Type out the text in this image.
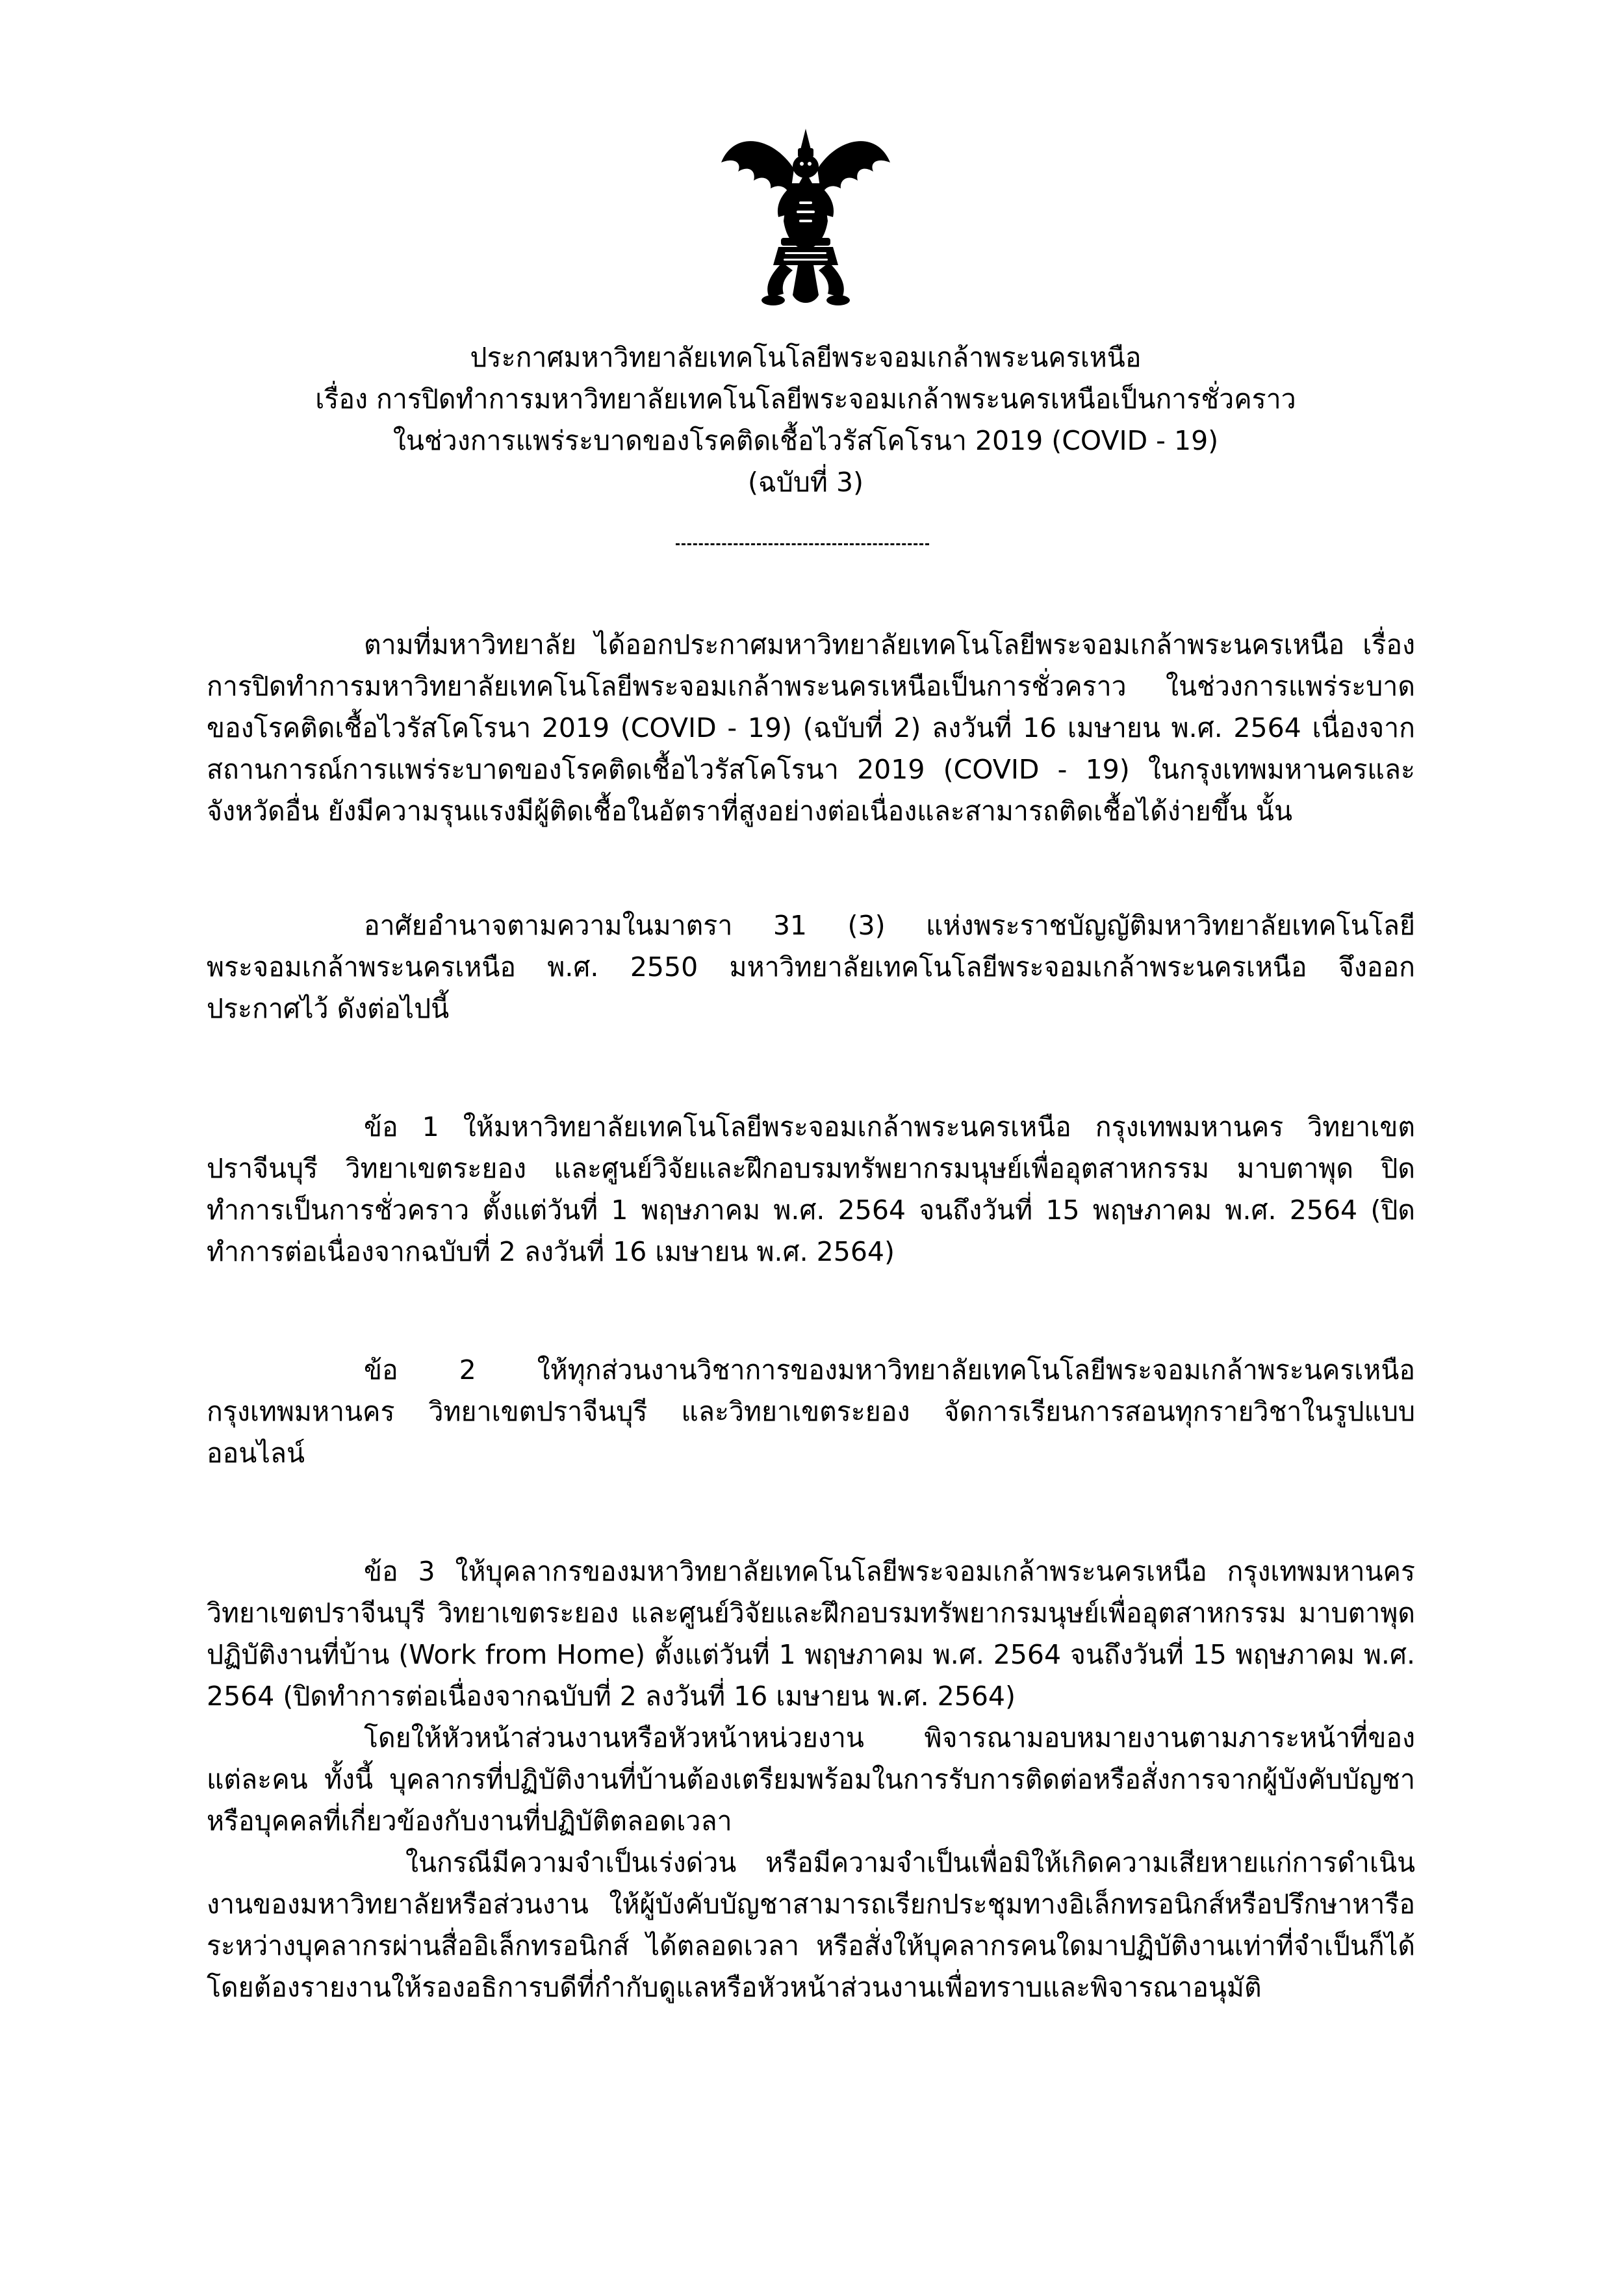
ประกาศมหาวิทยาลัยเทคโนโลยีพระจอมเกล้าพระนครเหนือ
เรื่อง การปิดทำการมหาวิทยาลัยเทคโนโลยีพระจอมเกล้าพระนครเหนือเป็นการชั่วคราว
ในช่วงการแพร่ระบาดของโรคติดเชื้อไวรัสโคโรนา 2019 (COVID - 19)
(ฉบับที่ 3)

ตามที่มหาวิทยาลัย ได้ออกประกาศมหาวิทยาลัยเทคโนโลยีพระจอมเกล้าพระนครเหนือ เรื่อง การปิดทำการมหาวิทยาลัยเทคโนโลยีพระจอมเกล้าพระนครเหนือเป็นการชั่วคราว ในช่วงการแพร่ระบาดของโรคติดเชื้อไวรัสโคโรนา 2019 (COVID - 19) (ฉบับที่ 2) ลงวันที่ 16 เมษายน พ.ศ. 2564 เนื่องจากสถานการณ์การแพร่ระบาดของโรคติดเชื้อไวรัสโคโรนา 2019 (COVID - 19) ในกรุงเทพมหานครและจังหวัดอื่น ยังมีความรุนแรงมีผู้ติดเชื้อในอัตราที่สูงอย่างต่อเนื่องและสามารถติดเชื้อได้ง่ายขึ้น นั้น

อาศัยอำนาจตามความในมาตรา 31 (3) แห่งพระราชบัญญัติมหาวิทยาลัยเทคโนโลยีพระจอมเกล้าพระนครเหนือ พ.ศ. 2550 มหาวิทยาลัยเทคโนโลยีพระจอมเกล้าพระนครเหนือ จึงออกประกาศไว้ ดังต่อไปนี้

ข้อ 1 ให้มหาวิทยาลัยเทคโนโลยีพระจอมเกล้าพระนครเหนือ กรุงเทพมหานคร วิทยาเขตปราจีนบุรี วิทยาเขตระยอง และศูนย์วิจัยและฝึกอบรมทรัพยากรมนุษย์เพื่ออุตสาหกรรม มาบตาพุด ปิดทำการเป็นการชั่วคราว ตั้งแต่วันที่ 1 พฤษภาคม พ.ศ. 2564 จนถึงวันที่ 15 พฤษภาคม พ.ศ. 2564 (ปิดทำการต่อเนื่องจากฉบับที่ 2 ลงวันที่ 16 เมษายน พ.ศ. 2564)

ข้อ 2 ให้ทุกส่วนงานวิชาการของมหาวิทยาลัยเทคโนโลยีพระจอมเกล้าพระนครเหนือ กรุงเทพมหานคร วิทยาเขตปราจีนบุรี และวิทยาเขตระยอง จัดการเรียนการสอนทุกรายวิชาในรูปแบบออนไลน์

ข้อ 3 ให้บุคลากรของมหาวิทยาลัยเทคโนโลยีพระจอมเกล้าพระนครเหนือ กรุงเทพมหานคร วิทยาเขตปราจีนบุรี วิทยาเขตระยอง และศูนย์วิจัยและฝึกอบรมทรัพยากรมนุษย์เพื่ออุตสาหกรรม มาบตาพุด ปฏิบัติงานที่บ้าน (Work from Home) ตั้งแต่วันที่ 1 พฤษภาคม พ.ศ. 2564 จนถึงวันที่ 15 พฤษภาคม พ.ศ. 2564 (ปิดทำการต่อเนื่องจากฉบับที่ 2 ลงวันที่ 16 เมษายน พ.ศ. 2564)

โดยให้หัวหน้าส่วนงานหรือหัวหน้าหน่วยงาน พิจารณามอบหมายงานตามภาระหน้าที่ของแต่ละคน ทั้งนี้ บุคลากรที่ปฏิบัติงานที่บ้านต้องเตรียมพร้อมในการรับการติดต่อหรือสั่งการจากผู้บังคับบัญชาหรือบุคคลที่เกี่ยวข้องกับงานที่ปฏิบัติตลอดเวลา

ในกรณีมีความจำเป็นเร่งด่วน หรือมีความจำเป็นเพื่อมิให้เกิดความเสียหายแก่การดำเนินงานของมหาวิทยาลัยหรือส่วนงาน ให้ผู้บังคับบัญชาสามารถเรียกประชุมทางอิเล็กทรอนิกส์หรือปรึกษาหารือระหว่างบุคลากรผ่านสื่ออิเล็กทรอนิกส์ ได้ตลอดเวลา หรือสั่งให้บุคลากรคนใดมาปฏิบัติงานเท่าที่จำเป็นก็ได้โดยต้องรายงานให้รองอธิการบดีที่กำกับดูแลหรือหัวหน้าส่วนงานเพื่อทราบและพิจารณาอนุมัติ
